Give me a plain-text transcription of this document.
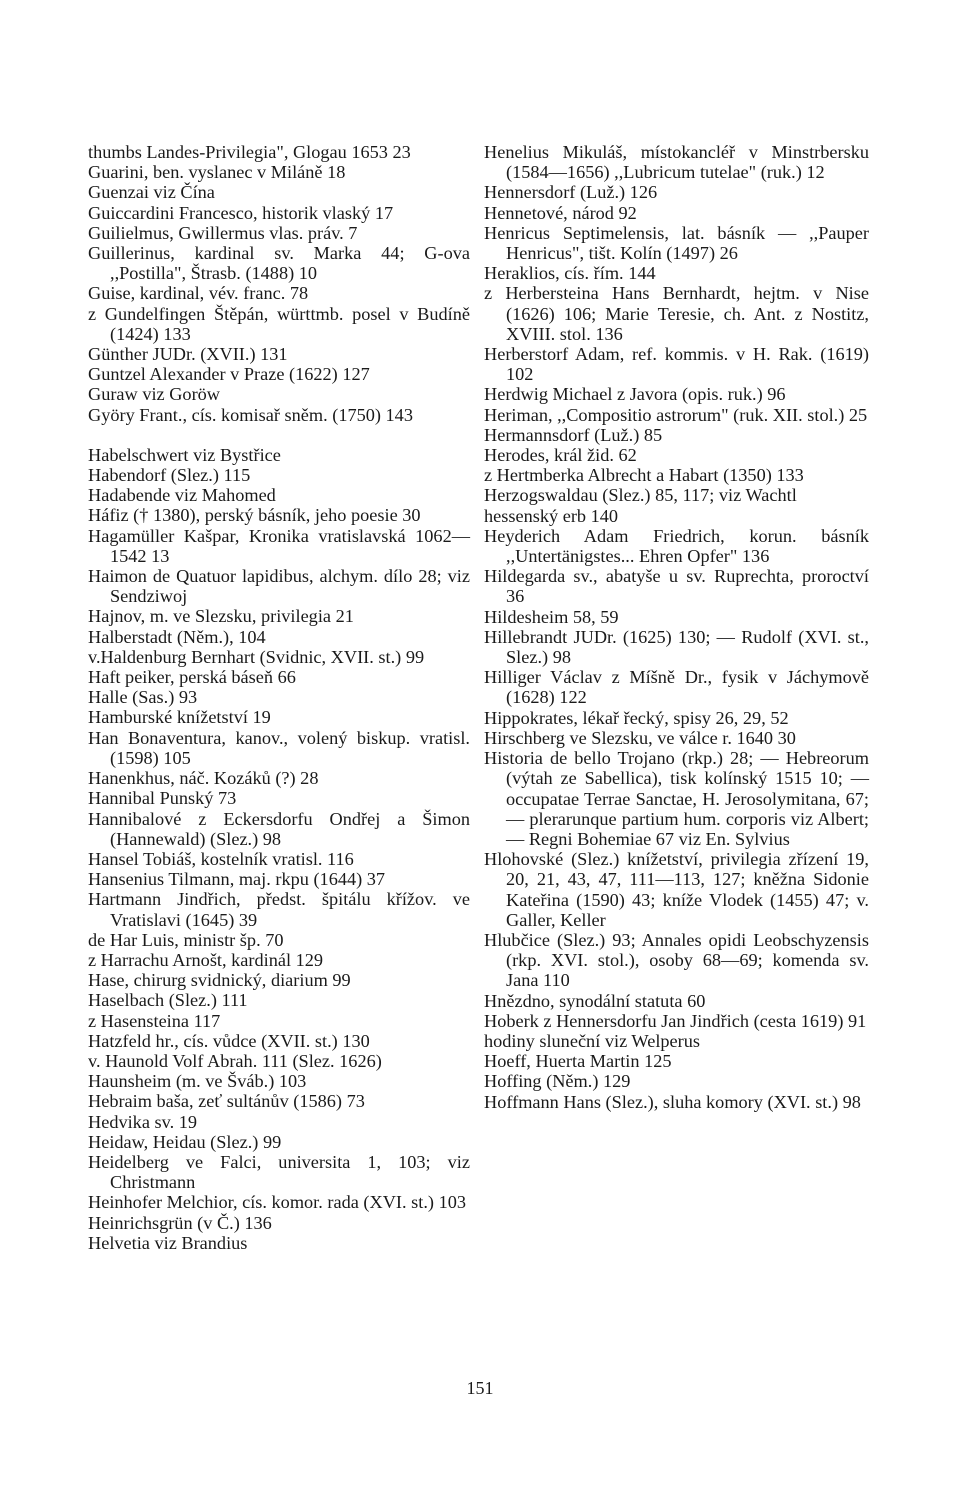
thumbs Landes-Privilegia", Glogau 1653 23

Guarini, ben. vyslanec v Miláně 18

Guenzai viz Čína

Guiccardini Francesco, historik vlaský 17

Guilielmus, Gwillermus vlas. práv. 7

Guillerinus, kardinal sv. Marka 44; G-ova ,,Postilla", Štrasb. (1488) 10

Guise, kardinal, vév. franc. 78

z Gundelfingen Štěpán, württmb. posel v Budíně (1424) 133

Günther JUDr. (XVII.) 131

Guntzel Alexander v Praze (1622) 127

Guraw viz Goröw

Györy Frant., cís. komisař sněm. (1750) 143

Habelschwert viz Bystřice

Habendorf (Slez.) 115

Hadabende viz Mahomed

Háfiz († 1380), perský básník, jeho poesie 30

Hagamüller Kašpar, Kronika vratislavská 1062—1542 13

Haimon de Quatuor lapidibus, alchym. dílo 28; viz Sendziwoj

Hajnov, m. ve Slezsku, privilegia 21

Halberstadt (Něm.), 104

v.Haldenburg Bernhart (Svidnic, XVII. st.) 99

Haft peiker, perská báseň 66

Halle (Sas.) 93

Hamburské knížetství 19

Han Bonaventura, kanov., volený biskup. vratisl. (1598) 105

Hanenkhus, náč. Kozáků (?) 28

Hannibal Punský 73

Hannibalové z Eckersdorfu Ondřej a Šimon (Hannewald) (Slez.) 98

Hansel Tobiáš, kostelník vratisl. 116

Hansenius Tilmann, maj. rkpu (1644) 37

Hartmann Jindřich, předst. špitálu křížov. ve Vratislavi (1645) 39

de Har Luis, ministr šp. 70

z Harrachu Arnošt, kardinál 129

Hase, chirurg svidnický, diarium 99

Haselbach (Slez.) 111

z Hasensteina 117

Hatzfeld hr., cís. vůdce (XVII. st.) 130

v. Haunold Volf Abrah. 111 (Slez. 1626)

Haunsheim (m. ve Šváb.) 103

Hebraim baša, zeť sultánův (1586) 73

Hedvika sv. 19

Heidaw, Heidau (Slez.) 99

Heidelberg ve Falci, universita 1, 103; viz Christmann

Heinhofer Melchior, cís. komor. rada (XVI. st.) 103

Heinrichsgrün (v Č.) 136

Helvetia viz Brandius

Henelius Mikuláš, místokancléř v Minstrbersku (1584—1656) ,,Lubricum tutelae" (ruk.) 12

Hennersdorf (Luž.) 126

Hennetové, národ 92

Henricus Septimelensis, lat. básník — ,,Pauper Henricus", tišt. Kolín (1497) 26

Heraklios, cís. řím. 144

z Herbersteina Hans Bernhardt, hejtm. v Nise (1626) 106; Marie Teresie, ch. Ant. z Nostitz, XVIII. stol. 136

Herberstorf Adam, ref. kommis. v H. Rak. (1619) 102

Herdwig Michael z Javora (opis. ruk.) 96

Heriman, ,,Compositio astrorum" (ruk. XII. stol.) 25

Hermannsdorf (Luž.) 85

Herodes, král žid. 62

z Hertmberka Albrecht a Habart (1350) 133

Herzogswaldau (Slez.) 85, 117; viz Wachtl

hessenský erb 140

Heyderich Adam Friedrich, korun. básník ,,Untertänigstes... Ehren Opfer" 136

Hildegarda sv., abatyše u sv. Ruprechta, proroctví 36

Hildesheim 58, 59

Hillebrandt JUDr. (1625) 130; — Rudolf (XVI. st., Slez.) 98

Hilliger Václav z Míšně Dr., fysik v Jáchymově (1628) 122

Hippokrates, lékař řecký, spisy 26, 29, 52

Hirschberg ve Slezsku, ve válce r. 1640 30

Historia de bello Trojano (rkp.) 28; — Hebreorum (výtah ze Sabellica), tisk kolínský 1515 10; — occupatae Terrae Sanctae, H. Jerosolymitana, 67; — plerarunque partium hum. corporis viz Albert; — Regni Bohemiae 67 viz En. Sylvius

Hlohovské (Slez.) knížetství, privilegia zřízení 19, 20, 21, 43, 47, 111—113, 127; kněžna Sidonie Kateřina (1590) 43; kníže Vlodek (1455) 47; v. Galler, Keller

Hlubčice (Slez.) 93; Annales opidi Leobschyzensis (rkp. XVI. stol.), osoby 68—69; komenda sv. Jana 110

Hnězdno, synodální statuta 60

Hoberk z Hennersdorfu Jan Jindřich (cesta 1619) 91

hodiny sluneční viz Welperus

Hoeff, Huerta Martin 125

Hoffing (Něm.) 129

Hoffmann Hans (Slez.), sluha komory (XVI. st.) 98

151
